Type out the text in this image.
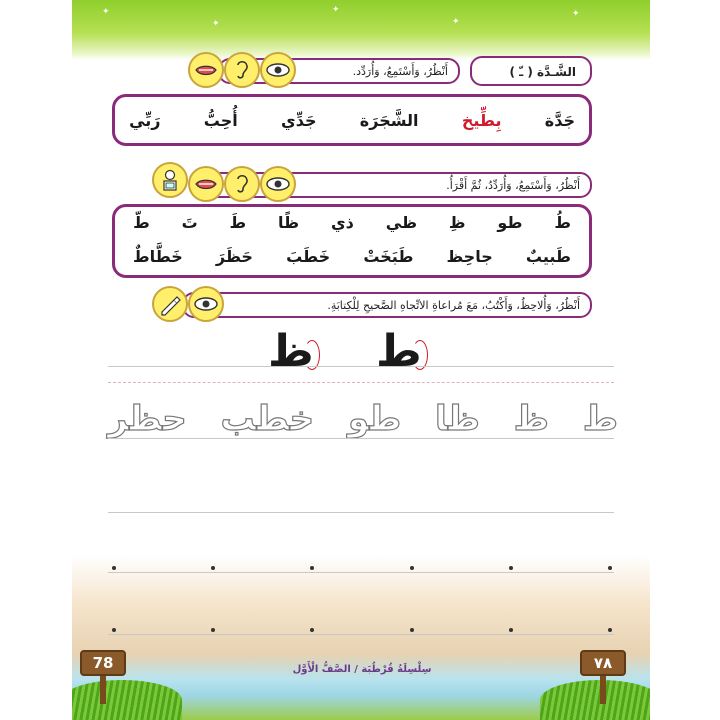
✦
✦
✦
✦
✦
الشَّـدَّة ( ـّ )
أَنْظُرُ، وَأَسْتَمِعُ، وَأُرَدِّد.
جَدَّة
بِطِّيخ
الشَّجَرَة
جَدِّي
أُحِبُّ
رَبِّي
أَنْظُرُ، وَأَسْتَمِعُ، وَأُرَدِّدُ، ثُمَّ أَقْرَأُ.
طُ
طو
ظِ
ظي
ذي
ظًا
طَ
تَ
طّ
خَطَّاطٌ حَظَرَ خَطَبَ طَبَخَتْ جاحِظ طَبيبٌ
أَنْظُرُ، وَأُلاحِظُ، وَأَكْتُبُ، مَعَ مُراعاةِ الاتِّجاهِ الصَّحيحِ لِلْكِتابَةِ.
ط
ظ
ط
ظ
ظا
طو
خطب
حظر
ظ
ظ
ظا
ظو
خطب
حظر
78	٧٨
سِلْسِلَةُ قُرْطُبَة / الصَّفُّ الْأَوَّل
